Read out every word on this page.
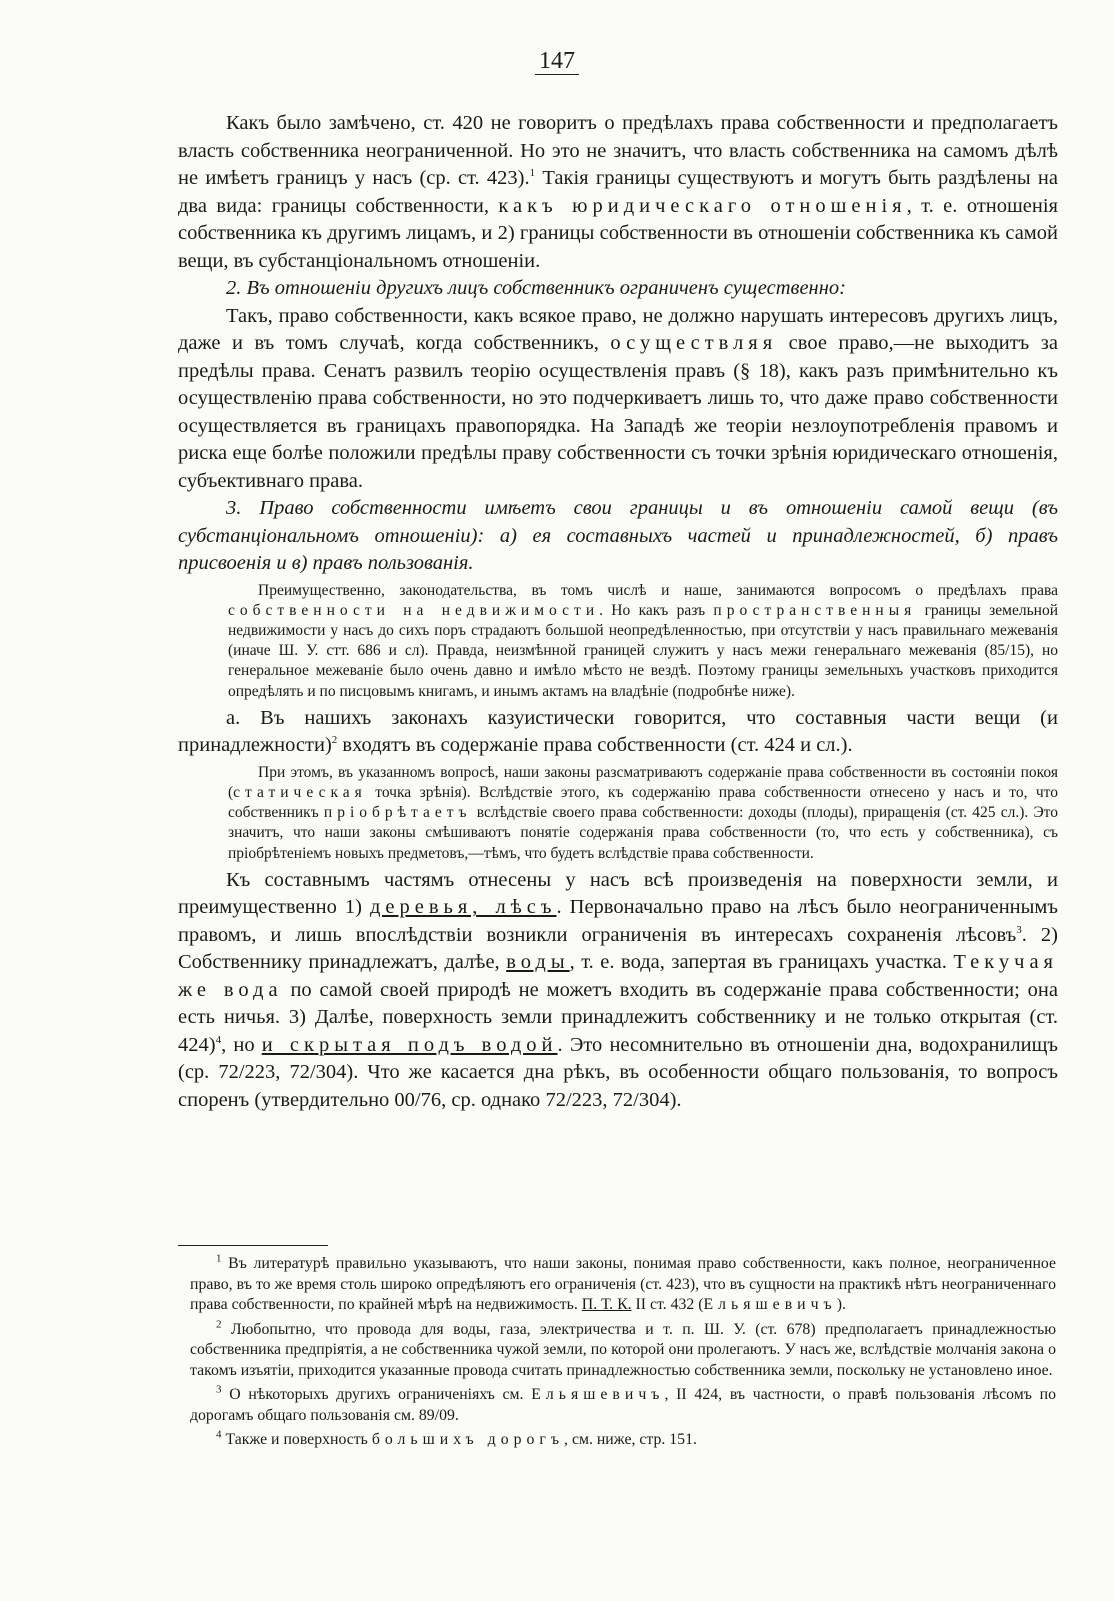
147

Какъ было замѣчено, ст. 420 не говоритъ о предѣлахъ права собственности и предполагаетъ власть собственника неограниченной. Но это не значитъ, что власть собственника на самомъ дѣлѣ не имѣетъ границъ у насъ (ср. ст. 423).$^1$ Такія границы существуютъ и могутъ быть раздѣлены на два вида: границы собственности, какъ юридическаго отношенія, т. е. отношенія собственника къ другимъ лицамъ, и 2) границы собственности въ отношеніи собственника къ самой вещи, въ субстанціональномъ отношеніи.

2. Въ отношеніи другихъ лицъ собственникъ ограниченъ существенно:

Такъ, право собственности, какъ всякое право, не должно нарушать интересовъ другихъ лицъ, даже и въ томъ случаѣ, когда собственникъ, осуществляя свое право,—не выходитъ за предѣлы права. Сенатъ развилъ теорію осуществленія правъ (§ 18), какъ разъ примѣнительно къ осуществленію права собственности, но это подчеркиваетъ лишь то, что даже право собственности осуществляется въ границахъ правопорядка. На Западѣ же теоріи незлоупотребленія правомъ и риска еще болѣе положили предѣлы праву собственности съ точки зрѣнія юридическаго отношенія, субъективнаго права.

3. Право собственности имѣетъ свои границы и въ отношеніи самой вещи (въ субстанціональномъ отношеніи): а) ея составныхъ частей и принадлежностей, б) правъ присвоенія и в) правъ пользованія.

Преимущественно, законодательства, въ томъ числѣ и наше, занимаются вопросомъ о предѣлахъ права собственности на недвижимости. Но какъ разъ пространственныя границы земельной недвижимости у насъ до сихъ поръ страдаютъ большой неопредѣленностью, при отсутствіи у насъ правильнаго межеванія (иначе Ш. У. стт. 686 и сл). Правда, неизмѣнной границей служитъ у насъ межи генеральнаго межеванія (85/15), но генеральное межеваніе было очень давно и имѣло мѣсто не вездѣ. Поэтому границы земельныхъ участковъ приходится опредѣлять и по писцовымъ книгамъ, и инымъ актамъ на владѣніе (подробнѣе ниже).

а. Въ нашихъ законахъ казуистически говорится, что составныя части вещи (и принадлежности)$^2$ входятъ въ содержаніе права собственности (ст. 424 и сл.).

При этомъ, въ указанномъ вопросѣ, наши законы разсматриваютъ содержаніе права собственности въ состояніи покоя (статическая точка зрѣнія). Вслѣдствіе этого, къ содержанію права собственности отнесено у насъ и то, что собственникъ пріобрѣтаетъ вслѣдствіе своего права собственности: доходы (плоды), приращенія (ст. 425 сл.). Это значитъ, что наши законы смѣшиваютъ понятіе содержанія права собственности (то, что есть у собственника), съ пріобрѣтеніемъ новыхъ предметовъ,—тѣмъ, что будетъ вслѣдствіе права собственности.

Къ составнымъ частямъ отнесены у насъ всѣ произведенія на поверхности земли, и преимущественно 1) деревья, лѣсъ. Первоначально право на лѣсъ было неограниченнымъ правомъ, и лишь впослѣдствіи возникли ограниченія въ интересахъ сохраненія лѣсовъ$^3$. 2) Собственнику принадлежатъ, далѣе, воды, т. е. вода, запертая въ границахъ участка. Текучая же вода по самой своей природѣ не можетъ входить въ содержаніе права собственности; она есть ничья. 3) Далѣе, поверхность земли принадлежитъ собственнику и не только открытая (ст. 424)$^4$, но и скрытая подъ водой. Это несомнительно въ отношеніи дна, водохранилищъ (ср. 72/223, 72/304). Что же касается дна рѣкъ, въ особенности общаго пользованія, то вопросъ споренъ (утвердительно 00/76, ср. однако 72/223, 72/304).

$^1$ Въ литературѣ правильно указываютъ, что наши законы, понимая право собственности, какъ полное, неограниченное право, въ то же время столь широко опредѣляютъ его ограниченія (ст. 423), что въ сущности на практикѣ нѣтъ неограниченнаго права собственности, по крайней мѣрѣ на недвижимость. П. Т. К. II ст. 432 (Ельяшевичъ).

$^2$ Любопытно, что провода для воды, газа, электричества и т. п. Ш. У. (ст. 678) предполагаетъ принадлежностью собственника предпріятія, а не собственника чужой земли, по которой они пролегаютъ. У насъ же, вслѣдствіе молчанія закона о такомъ изъятіи, приходится указанные провода считать принадлежностью собственника земли, поскольку не установлено иное.

$^3$ О нѣкоторыхъ другихъ ограниченіяхъ см. Ельяшевичъ, II 424, въ частности, о правѣ пользованія лѣсомъ по дорогамъ общаго пользованія см. 89/09.

$^4$ Также и поверхность большихъ дорогъ, см. ниже, стр. 151.
